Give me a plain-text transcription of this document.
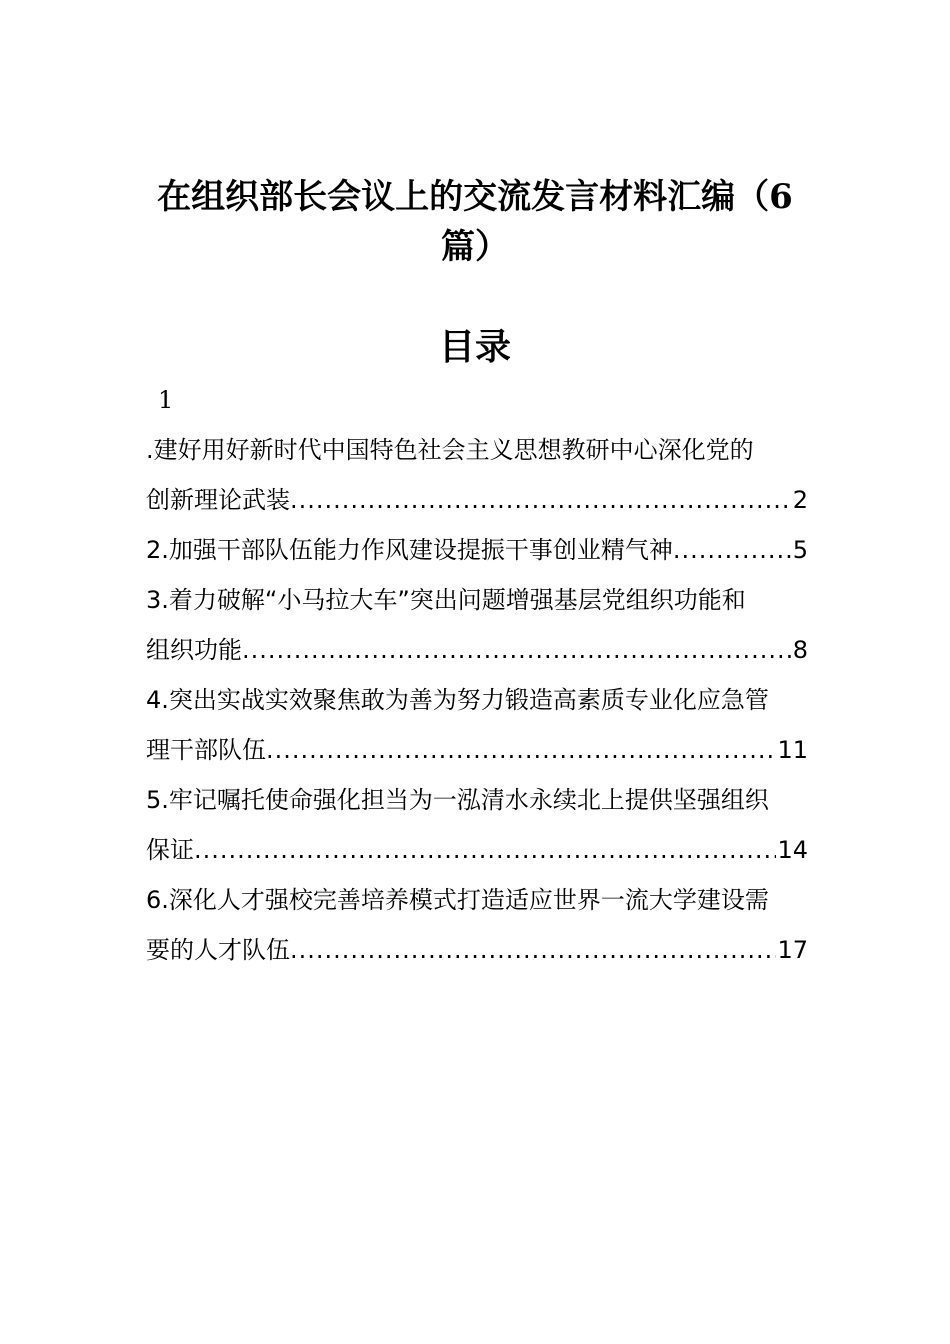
在组织部长会议上的交流发言材料汇编（6篇）
目录
1
.建好用好新时代中国特色社会主义思想教研中心深化党的
创新理论武装 .....	2
2.加强干部队伍能力作风建设提振干事创业精气神 .....	5
3.着力破解“小马拉大车”突出问题增强基层党组织功能和
组织功能 .....	8
4.突出实战实效聚焦敢为善为努力锻造高素质专业化应急管
理干部队伍 .....	11
5.牢记嘱托使命强化担当为一泓清水永续北上提供坚强组织
保证 .....	14
6.深化人才强校完善培养模式打造适应世界一流大学建设需
要的人才队伍 .....	17
